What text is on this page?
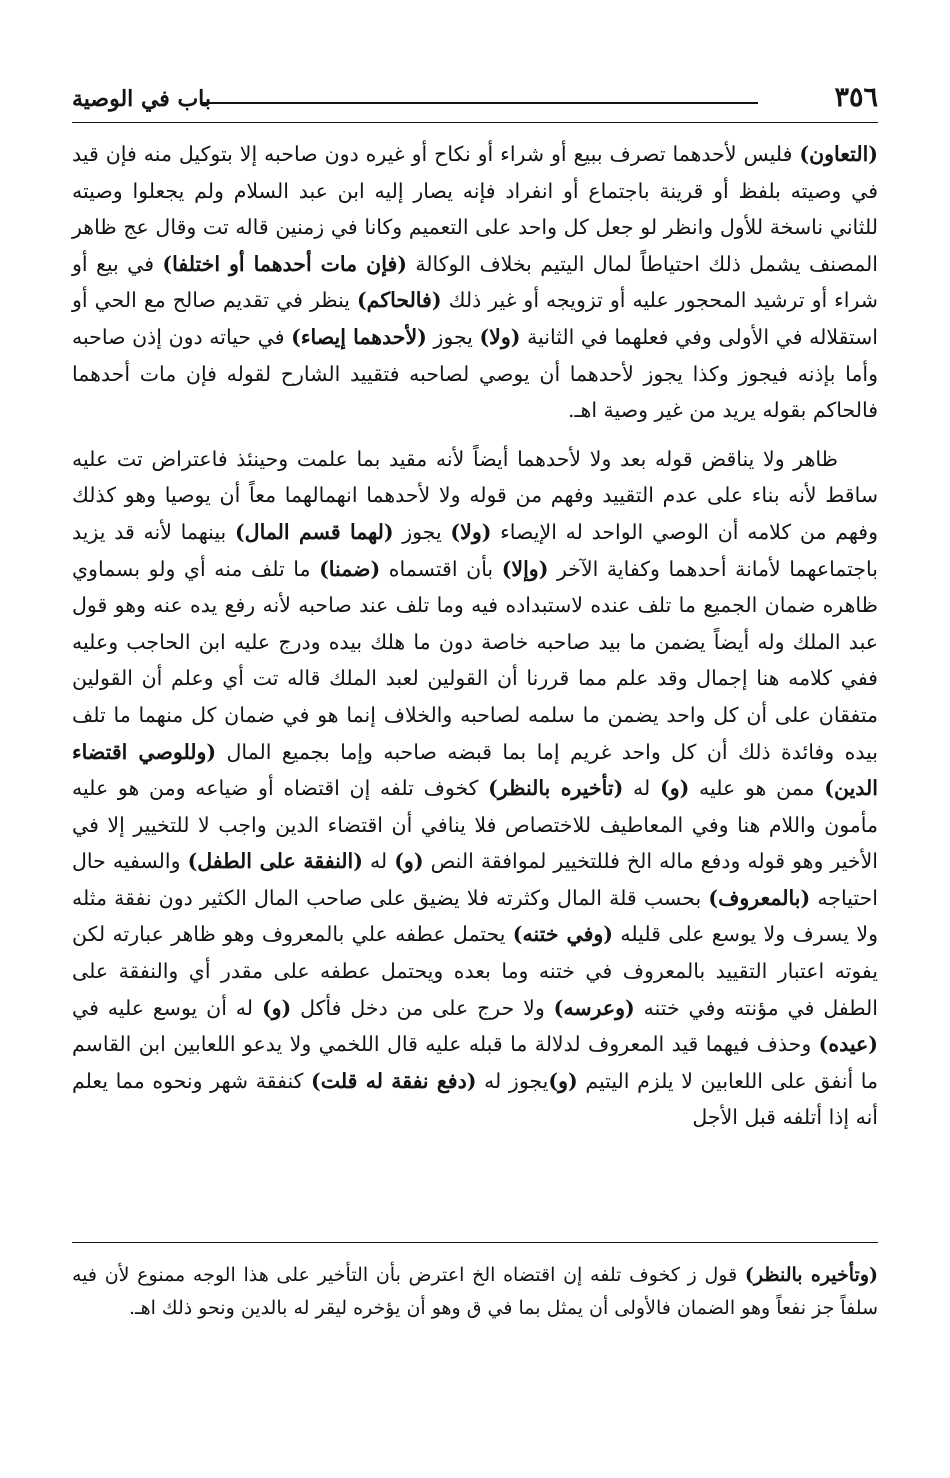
٣٥٦
باب في الوصية

(التعاون) فليس لأحدهما تصرف ببيع أو شراء أو نكاح أو غيره دون صاحبه إلا بتوكيل منه فإن قيد في وصيته بلفظ أو قرينة باجتماع أو انفراد فإنه يصار إليه ابن عبد السلام ولم يجعلوا وصيته للثاني ناسخة للأول وانظر لو جعل كل واحد على التعميم وكانا في زمنين قاله تت وقال عج ظاهر المصنف يشمل ذلك احتياطاً لمال اليتيم بخلاف الوكالة (فإن مات أحدهما أو اختلفا) في بيع أو شراء أو ترشيد المحجور عليه أو تزويجه أو غير ذلك (فالحاكم) ينظر في تقديم صالح مع الحي أو استقلاله في الأولى وفي فعلهما في الثانية (ولا) يجوز (لأحدهما إيصاء) في حياته دون إذن صاحبه وأما بإذنه فيجوز وكذا يجوز لأحدهما أن يوصي لصاحبه فتقييد الشارح لقوله فإن مات أحدهما فالحاكم بقوله يريد من غير وصية اهـ.

ظاهر ولا يناقض قوله بعد ولا لأحدهما أيضاً لأنه مقيد بما علمت وحينئذ فاعتراض تت عليه ساقط لأنه بناء على عدم التقييد وفهم من قوله ولا لأحدهما انهمالهما معاً أن يوصيا وهو كذلك وفهم من كلامه أن الوصي الواحد له الإيصاء (ولا) يجوز (لهما قسم المال) بينهما لأنه قد يزيد باجتماعهما لأمانة أحدهما وكفاية الآخر (وإلا) بأن اقتسماه (ضمنا) ما تلف منه أي ولو بسماوي ظاهره ضمان الجميع ما تلف عنده لاستبداده فيه وما تلف عند صاحبه لأنه رفع يده عنه وهو قول عبد الملك وله أيضاً يضمن ما بيد صاحبه خاصة دون ما هلك بيده ودرج عليه ابن الحاجب وعليه ففي كلامه هنا إجمال وقد علم مما قررنا أن القولين لعبد الملك قاله تت أي وعلم أن القولين متفقان على أن كل واحد يضمن ما سلمه لصاحبه والخلاف إنما هو في ضمان كل منهما ما تلف بيده وفائدة ذلك أن كل واحد غريم إما بما قبضه صاحبه وإما بجميع المال (وللوصي اقتضاء الدين) ممن هو عليه (و) له (تأخيره بالنظر) كخوف تلفه إن اقتضاه أو ضياعه ومن هو عليه مأمون واللام هنا وفي المعاطيف للاختصاص فلا ينافي أن اقتضاء الدين واجب لا للتخيير إلا في الأخير وهو قوله ودفع ماله الخ فللتخيير لموافقة النص (و) له (النفقة على الطفل) والسفيه حال احتياجه (بالمعروف) بحسب قلة المال وكثرته فلا يضيق على صاحب المال الكثير دون نفقة مثله ولا يسرف ولا يوسع على قليله (وفي ختنه) يحتمل عطفه علي بالمعروف وهو ظاهر عبارته لكن يفوته اعتبار التقييد بالمعروف في ختنه وما بعده ويحتمل عطفه على مقدر أي والنفقة على الطفل في مؤنته وفي ختنه (وعرسه) ولا حرج على من دخل فأكل (و) له أن يوسع عليه في (عيده) وحذف فيهما قيد المعروف لدلالة ما قبله عليه قال اللخمي ولا يدعو اللعابين ابن القاسم ما أنفق على اللعابين لا يلزم اليتيم (و)يجوز له (دفع نفقة له قلت) كنفقة شهر ونحوه مما يعلم أنه إذا أتلفه قبل الأجل

(وتأخيره بالنظر) قول ز كخوف تلفه إن اقتضاه الخ اعترض بأن التأخير على هذا الوجه ممنوع لأن فيه سلفاً جز نفعاً وهو الضمان فالأولى أن يمثل بما في ق وهو أن يؤخره ليقر له بالدين ونحو ذلك اهـ.
